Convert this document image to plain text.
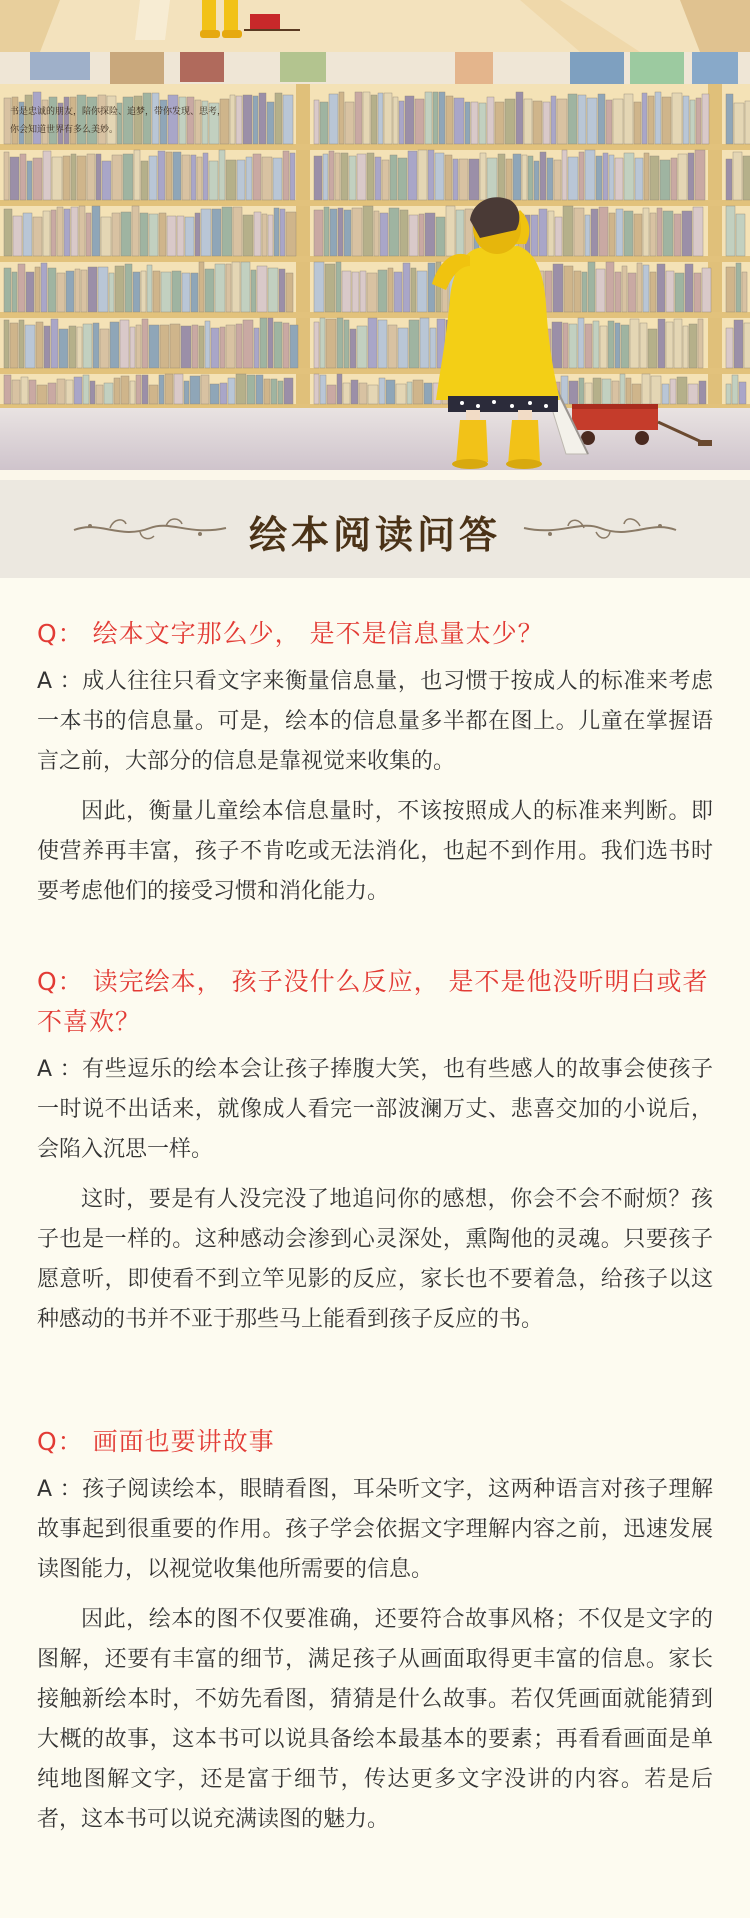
书是忠诚的朋友，陪你探险、追梦，带你发现、思考，
你会知道世界有多么美妙。
绘本阅读问答

Q： 绘本文字那么少， 是不是信息量太少？

A ：成人往往只看文字来衡量信息量，也习惯于按成人的标准来考虑一本书的信息量。可是，绘本的信息量多半都在图上。儿童在掌握语言之前，大部分的信息是靠视觉来收集的。

因此，衡量儿童绘本信息量时，不该按照成人的标准来判断。即使营养再丰富，孩子不肯吃或无法消化，也起不到作用。我们选书时要考虑他们的接受习惯和消化能力。

Q： 读完绘本， 孩子没什么反应， 是不是他没听明白或者不喜欢？

A ：有些逗乐的绘本会让孩子捧腹大笑，也有些感人的故事会使孩子一时说不出话来，就像成人看完一部波澜万丈、悲喜交加的小说后，会陷入沉思一样。

这时，要是有人没完没了地追问你的感想，你会不会不耐烦？孩子也是一样的。这种感动会渗到心灵深处，熏陶他的灵魂。只要孩子愿意听，即使看不到立竿见影的反应，家长也不要着急，给孩子以这种感动的书并不亚于那些马上能看到孩子反应的书。

Q： 画面也要讲故事

A ：孩子阅读绘本，眼睛看图，耳朵听文字，这两种语言对孩子理解故事起到很重要的作用。孩子学会依据文字理解内容之前，迅速发展读图能力，以视觉收集他所需要的信息。

因此，绘本的图不仅要准确，还要符合故事风格；不仅是文字的图解，还要有丰富的细节，满足孩子从画面取得更丰富的信息。家长接触新绘本时，不妨先看图，猜猜是什么故事。若仅凭画面就能猜到大概的故事，这本书可以说具备绘本最基本的要素；再看看画面是单纯地图解文字，还是富于细节，传达更多文字没讲的内容。若是后者，这本书可以说充满读图的魅力。
